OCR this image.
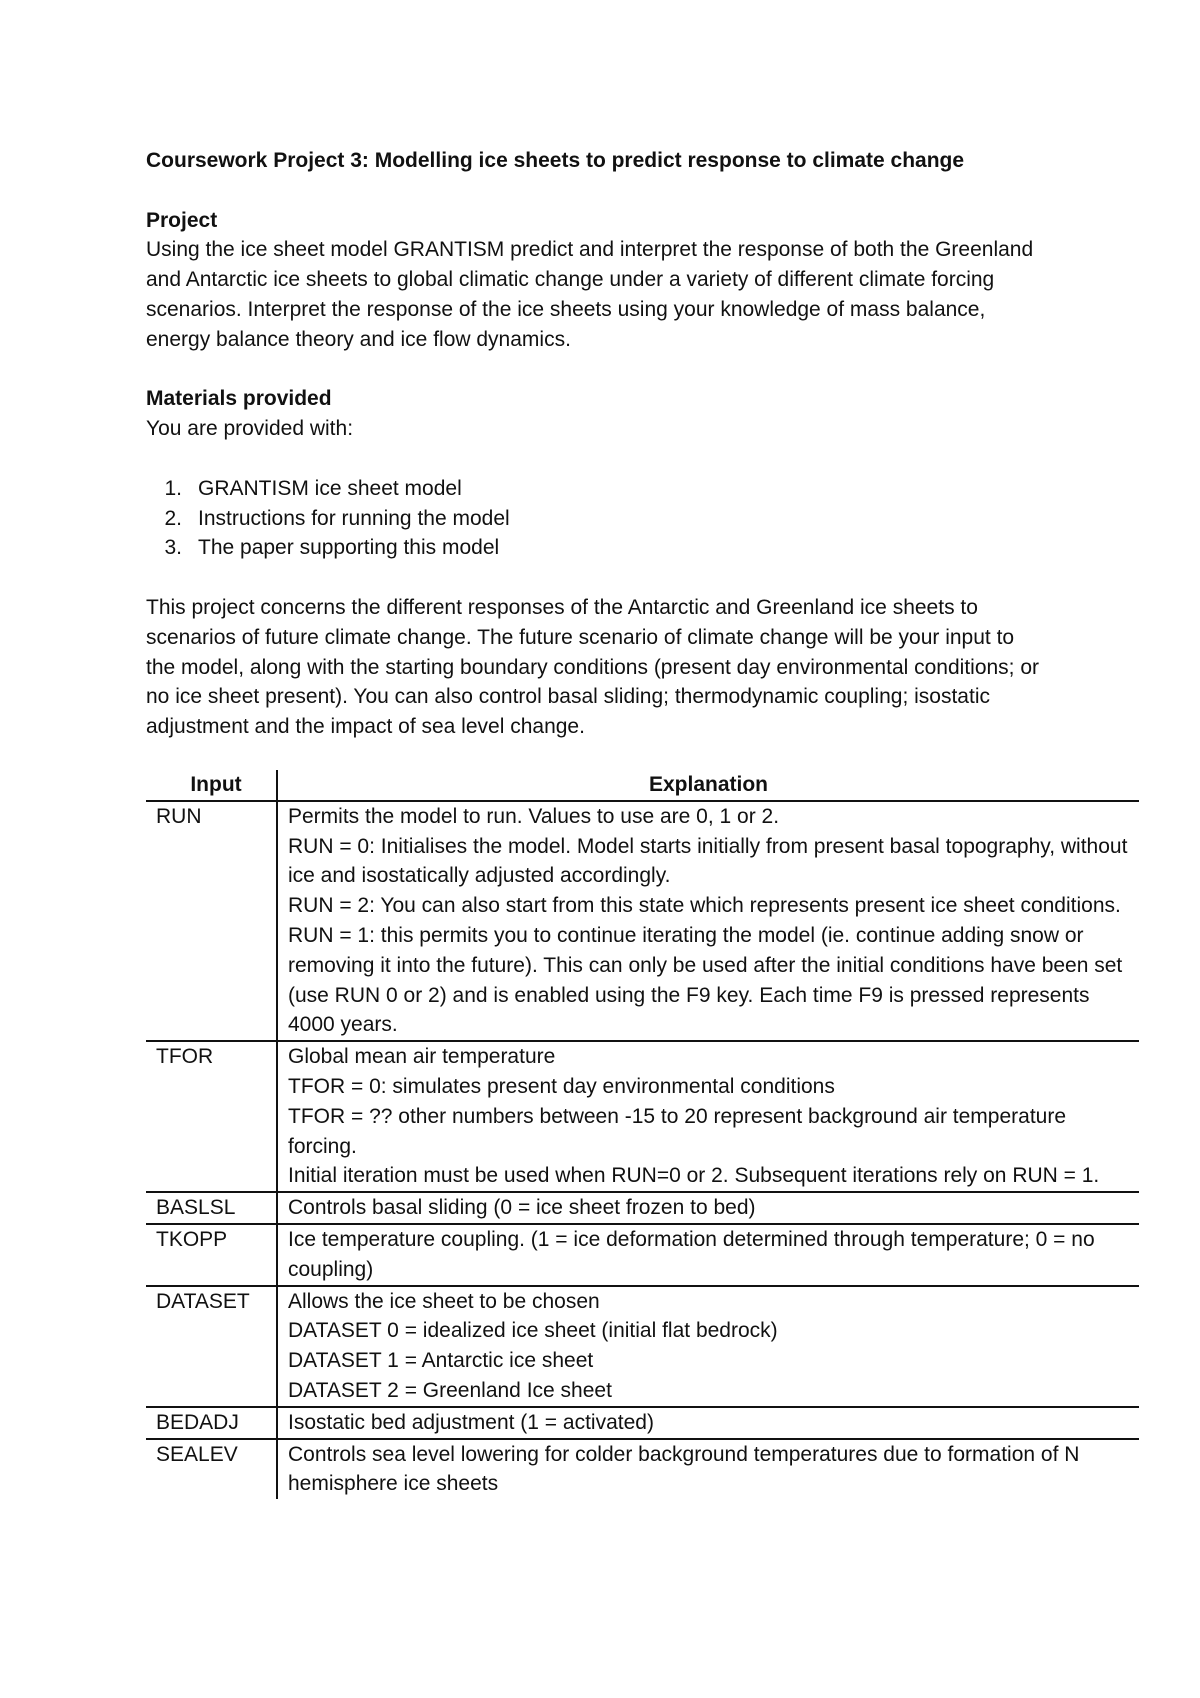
Coursework Project 3: Modelling ice sheets to predict response to climate change

Project

Using the ice sheet model GRANTISM predict and interpret the response of both the Greenland and Antarctic ice sheets to global climatic change under a variety of different climate forcing scenarios. Interpret the response of the ice sheets using your knowledge of mass balance, energy balance theory and ice flow dynamics.

Materials provided

You are provided with:

1. GRANTISM ice sheet model
2. Instructions for running the model
3. The paper supporting this model

This project concerns the different responses of the Antarctic and Greenland ice sheets to scenarios of future climate change. The future scenario of climate change will be your input to the model, along with the starting boundary conditions (present day environmental conditions; or no ice sheet present). You can also control basal sliding; thermodynamic coupling; isostatic adjustment and the impact of sea level change.

Input	Explanation
RUN	Permits the model to run. Values to use are 0, 1 or 2.
RUN = 0: Initialises the model. Model starts initially from present basal topography, without ice and isostatically adjusted accordingly.
RUN = 2: You can also start from this state which represents present ice sheet conditions.
RUN = 1: this permits you to continue iterating the model (ie. continue adding snow or removing it into the future). This can only be used after the initial conditions have been set (use RUN 0 or 2) and is enabled using the F9 key. Each time F9 is pressed represents 4000 years.

TFOR	Global mean air temperature
TFOR = 0: simulates present day environmental conditions
TFOR = ?? other numbers between -15 to 20 represent background air temperature forcing.
Initial iteration must be used when RUN=0 or 2. Subsequent iterations rely on RUN = 1.

BASLSL	Controls basal sliding (0 = ice sheet frozen to bed)

TKOPP	Ice temperature coupling. (1 = ice deformation determined through temperature; 0 = no coupling)

DATASET	Allows the ice sheet to be chosen
DATASET 0 = idealized ice sheet (initial flat bedrock)
DATASET 1 = Antarctic ice sheet
DATASET 2 = Greenland Ice sheet

BEDADJ	Isostatic bed adjustment (1 = activated)

SEALEV	Controls sea level lowering for colder background temperatures due to formation of N hemisphere ice sheets
